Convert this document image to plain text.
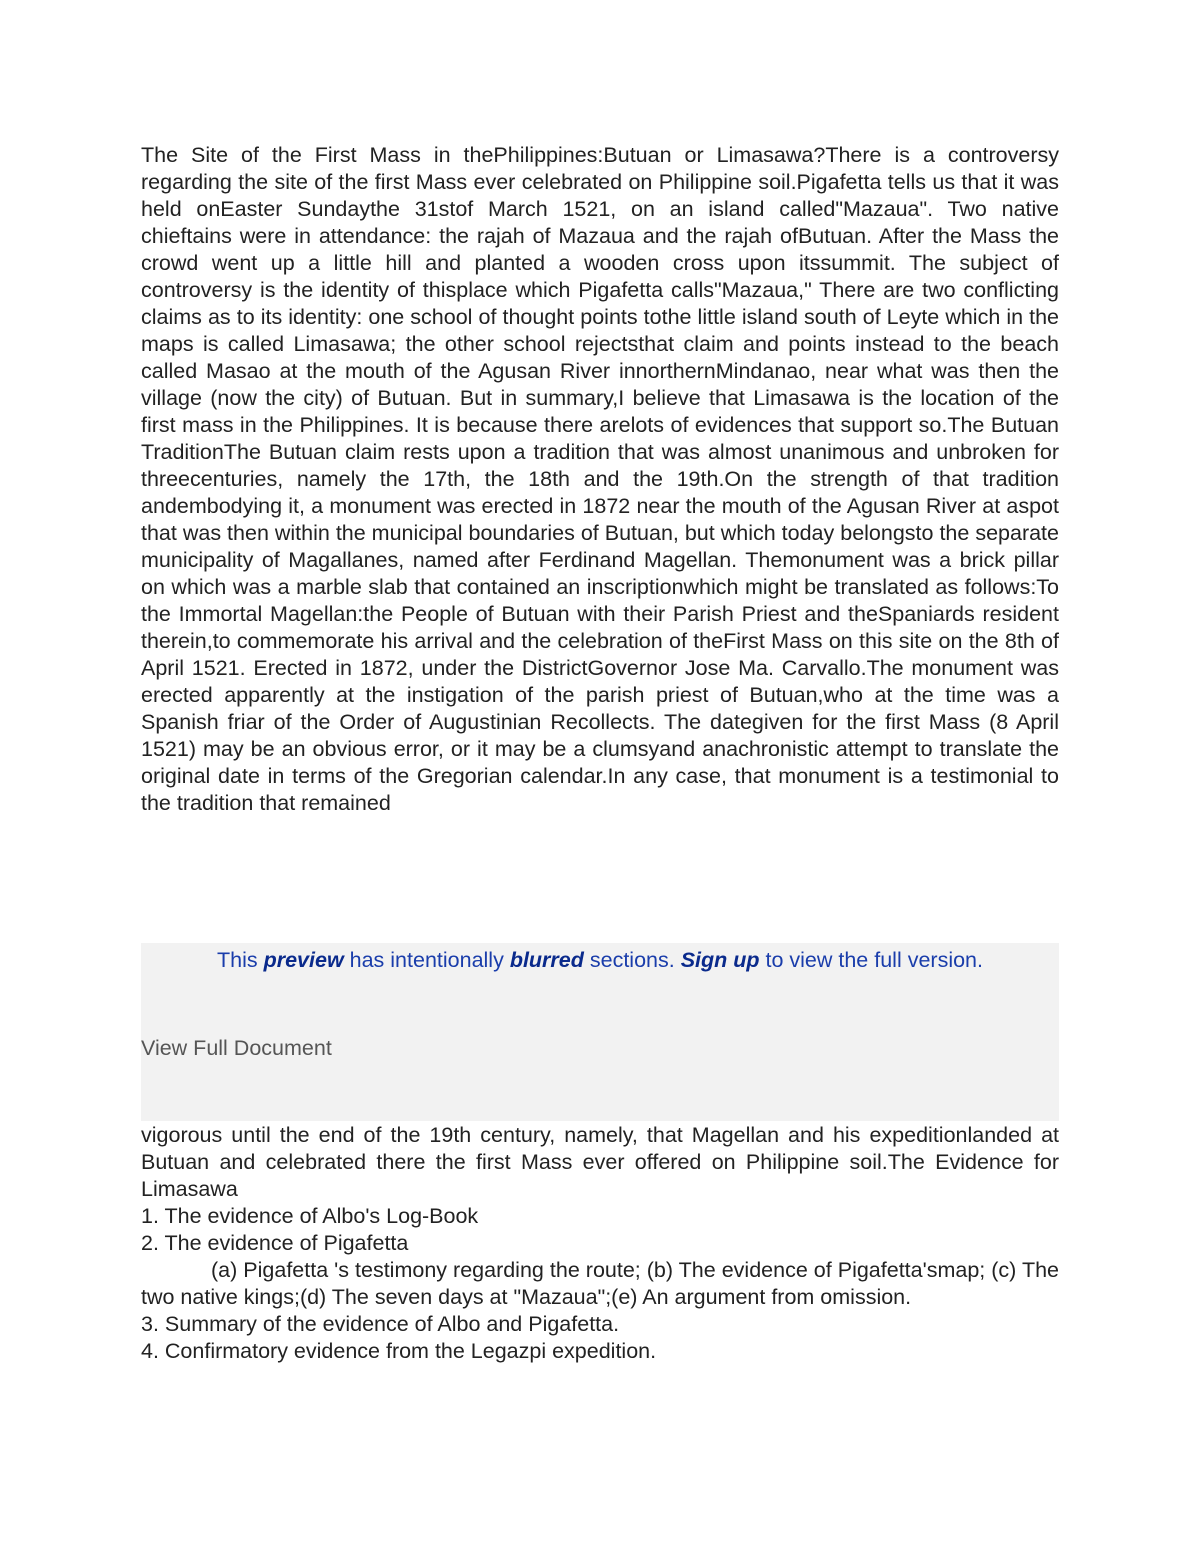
The Site of the First Mass in thePhilippines:Butuan or Limasawa?There is a controversy regarding the site of the first Mass ever celebrated on Philippine soil.Pigafetta tells us that it was held onEaster Sundaythe 31stof March 1521, on an island called"Mazaua". Two native chieftains were in attendance: the rajah of Mazaua and the rajah ofButuan. After the Mass the crowd went up a little hill and planted a wooden cross upon itssummit. The subject of controversy is the identity of thisplace which Pigafetta calls"Mazaua," There are two conflicting claims as to its identity: one school of thought points tothe little island south of Leyte which in the maps is called Limasawa; the other school rejectsthat claim and points instead to the beach called Masao at the mouth of the Agusan River innorthernMindanao, near what was then the village (now the city) of Butuan. But in summary,I believe that Limasawa is the location of the first mass in the Philippines. It is because there arelots of evidences that support so.The Butuan TraditionThe Butuan claim rests upon a tradition that was almost unanimous and unbroken for threecenturies, namely the 17th, the 18th and the 19th.On the strength of that tradition andembodying it, a monument was erected in 1872 near the mouth of the Agusan River at aspot that was then within the municipal boundaries of Butuan, but which today belongsto the separate municipality of Magallanes, named after Ferdinand Magellan. Themonument was a brick pillar on which was a marble slab that contained an inscriptionwhich might be translated as follows:To the Immortal Magellan:the People of Butuan with their Parish Priest and theSpaniards resident therein,to commemorate his arrival and the celebration of theFirst Mass on this site on the 8th of April 1521. Erected in 1872, under the DistrictGovernor Jose Ma. Carvallo.The monument was erected apparently at the instigation of the parish priest of Butuan,who at the time was a Spanish friar of the Order of Augustinian Recollects. The dategiven for the first Mass (8 April 1521) may be an obvious error, or it may be a clumsyand anachronistic attempt to translate the original date in terms of the Gregorian calendar.In any case, that monument is a testimonial to the tradition that remained

This preview has intentionally blurred sections. Sign up to view the full version.
View Full Document

vigorous until the end of the 19th century, namely, that Magellan and his expeditionlanded at Butuan and celebrated there the first Mass ever offered on Philippine soil.The Evidence for Limasawa

1. The evidence of Albo's Log-Book

2. The evidence of Pigafetta

(a) Pigafetta 's testimony regarding the route; (b) The evidence of Pigafetta'smap; (c) The two native kings;(d) The seven days at "Mazaua";(e) An argument from omission.

3. Summary of the evidence of Albo and Pigafetta.

4. Confirmatory evidence from the Legazpi expedition.
